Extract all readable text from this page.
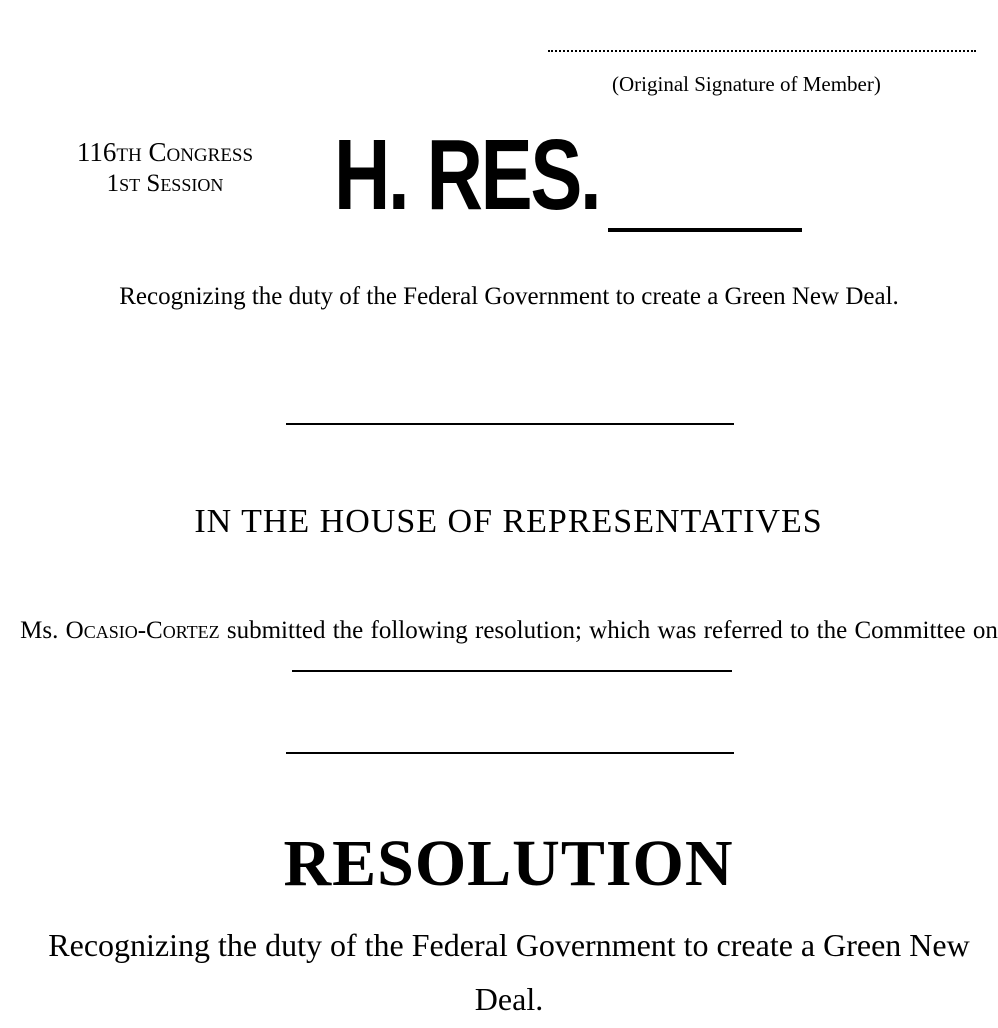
(Original Signature of Member)
116th Congress
1st Session	H. RES.
Recognizing the duty of the Federal Government to create a Green New Deal.
IN THE HOUSE OF REPRESENTATIVES
Ms. Ocasio-Cortez submitted the following resolution; which was referred to the Committee on
RESOLUTION
Recognizing the duty of the Federal Government to create a Green New Deal.
